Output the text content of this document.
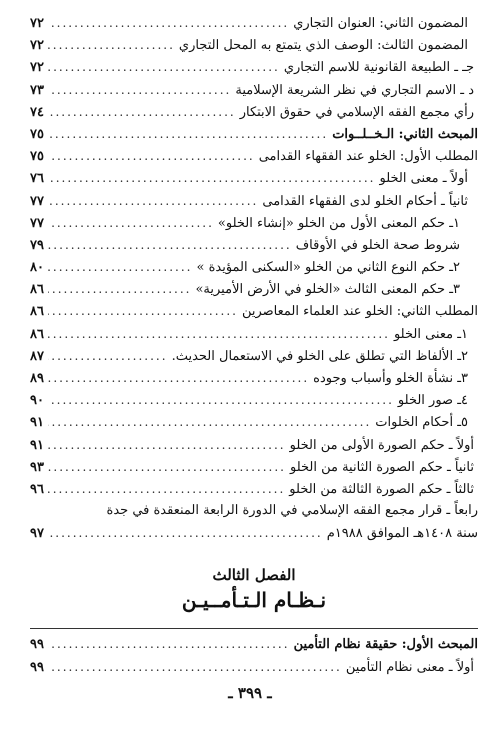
المضمون الثاني: العنوان التجاري
.....
٧٢
المضمون الثالث: الوصف الذي يتمتع به المحل التجاري
.....
٧٢
جـ ـ الطبيعة القانونية للاسم التجاري
.....
٧٢
د ـ الاسم التجاري في نظر الشريعة الإسلامية
.....
٧٣
رأي مجمع الفقه الإسلامي في حقوق الابتكار
.....
٧٤
المبحث الثاني: الـخــلــوات
.....
٧٥
المطلب الأول: الخلو عند الفقهاء القدامى
.....
٧٥
أولاً ـ معنى الخلو
.....
٧٦
ثانياً ـ أحكام الخلو لدى الفقهاء القدامى
.....
٧٧
١ـ حكم المعنى الأول من الخلو «إنشاء الخلو»
.....
٧٧
شروط صحة الخلو في الأوقاف
.....
٧٩
٢ـ حكم النوع الثاني من الخلو «السكنى المؤيدة »
.....
٨٠
٣ـ حكم المعنى الثالث «الخلو في الأرض الأميرية»
.....
٨٦
المطلب الثاني: الخلو عند العلماء المعاصرين
.....
٨٦
١ـ معنى الخلو
.....
٨٦
٢ـ الألفاظ التي تطلق على الخلو في الاستعمال الحديث.
.....
٨٧
٣ـ نشأة الخلو وأسباب وجوده
.....
٨٩
٤ـ صور الخلو
.....
٩٠
٥ـ أحكام الخلوات
.....
٩١
أولاً ـ حكم الصورة الأولى من الخلو
.....
٩١
ثانياً ـ حكم الصورة الثانية من الخلو
.....
٩٣
ثالثاً ـ حكم الصورة الثالثة من الخلو
.....
٩٦
رابعاً ـ قرار مجمع الفقه الإسلامي في الدورة الرابعة المنعقدة في جدة
سنة ١٤٠٨هـ الموافق ١٩٨٨م
.....
٩٧
الفصل الثالث
نـظـام الـتـأمــيـن
المبحث الأول: حقيقة نظام التأمين
.....
٩٩
أولاً ـ معنى نظام التأمين
.....
٩٩
ـ ٣٩٩ ـ
